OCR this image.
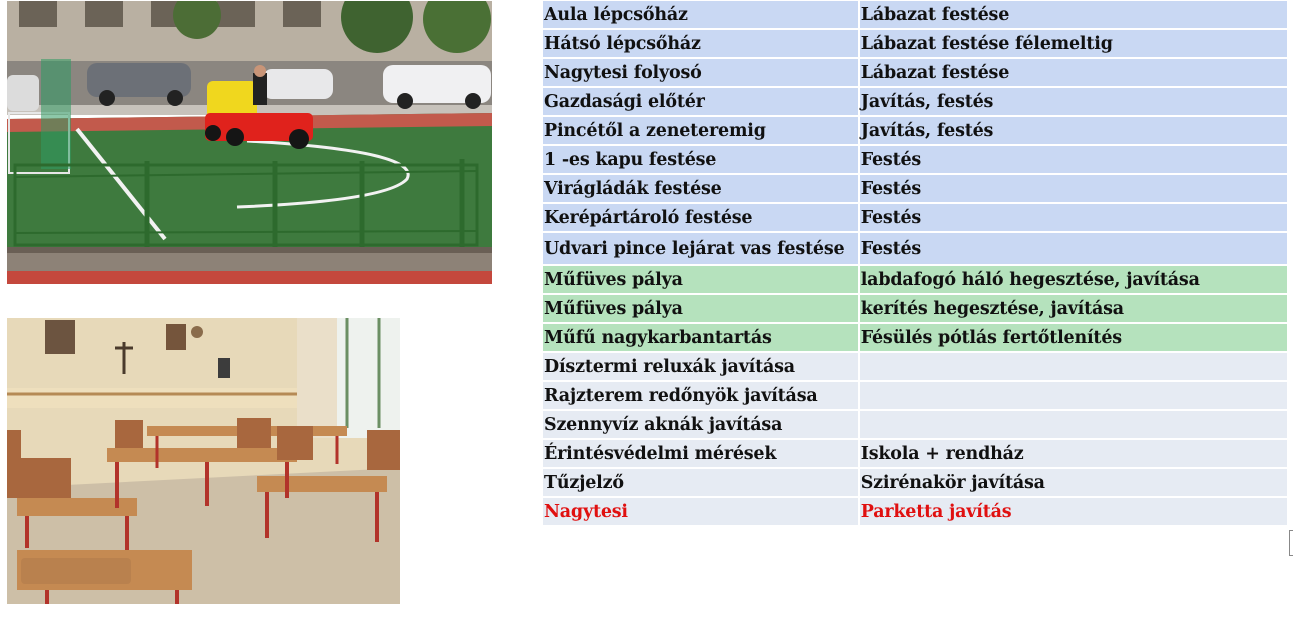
Aula lépcsőház	Lábazat festése
Hátsó lépcsőház	Lábazat festése félemeltig
Nagytesi folyosó	Lábazat festése
Gazdasági előtér	Javítás, festés
Pincétől a zeneteremig	Javítás, festés
1 -es kapu festése	Festés
Virágládák festése	Festés
Kerépártároló festése	Festés
Udvari pince lejárat vas festése	Festés
Műfüves pálya	labdafogó háló hegesztése, javítása
Műfüves pálya	kerítés hegesztése, javítása
Műfű nagykarbantartás	Fésülés pótlás fertőtlenítés
Dísztermi reluxák javítása	
Rajzterem redőnyök javítása	
Szennyvíz aknák javítása	
Érintésvédelmi mérések	Iskola + rendház
Tűzjelző	Szirénakör javítása
Nagytesi	Parketta javítás
